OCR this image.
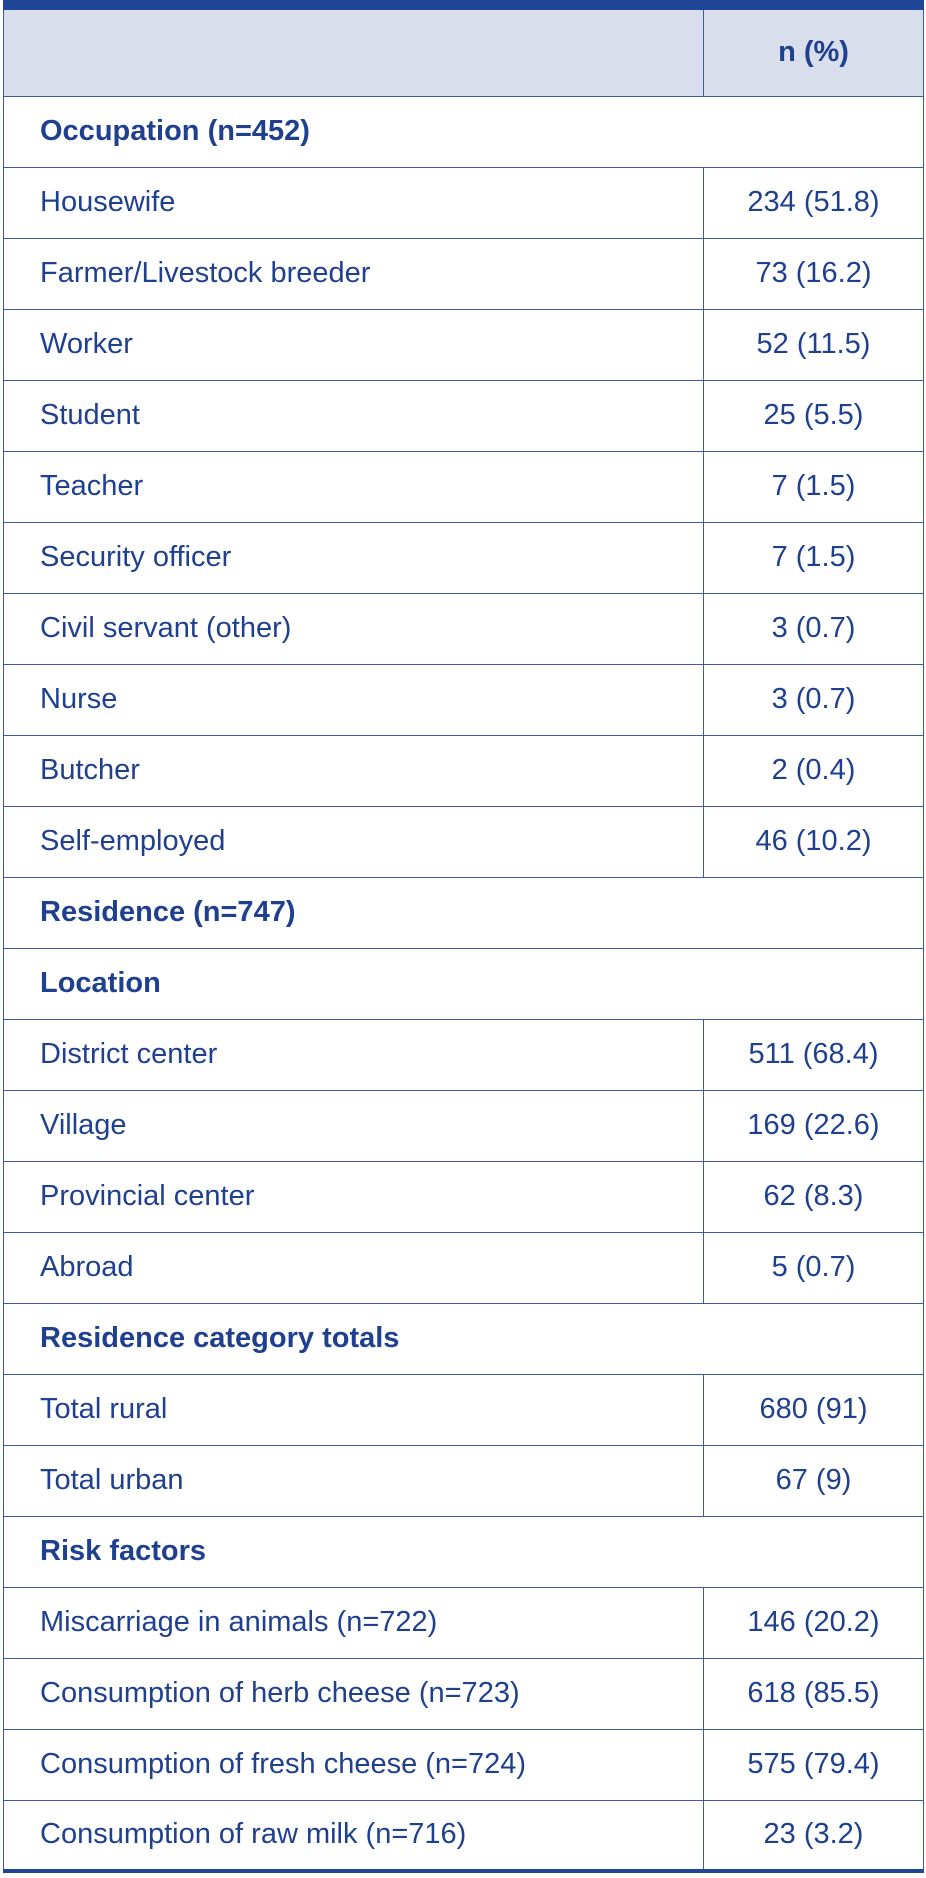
	n (%)
Occupation (n=452)	
Housewife	234 (51.8)
Farmer/Livestock breeder	73 (16.2)
Worker	52 (11.5)
Student	25 (5.5)
Teacher	7 (1.5)
Security officer	7 (1.5)
Civil servant (other)	3 (0.7)
Nurse	3 (0.7)
Butcher	2 (0.4)
Self-employed	46 (10.2)
Residence (n=747)	
Location	
District center	511 (68.4)
Village	169 (22.6)
Provincial center	62 (8.3)
Abroad	5 (0.7)
Residence category totals	
Total rural	680 (91)
Total urban	67 (9)
Risk factors	
Miscarriage in animals (n=722)	146 (20.2)
Consumption of herb cheese (n=723)	618 (85.5)
Consumption of fresh cheese (n=724)	575 (79.4)
Consumption of raw milk (n=716)	23 (3.2)
